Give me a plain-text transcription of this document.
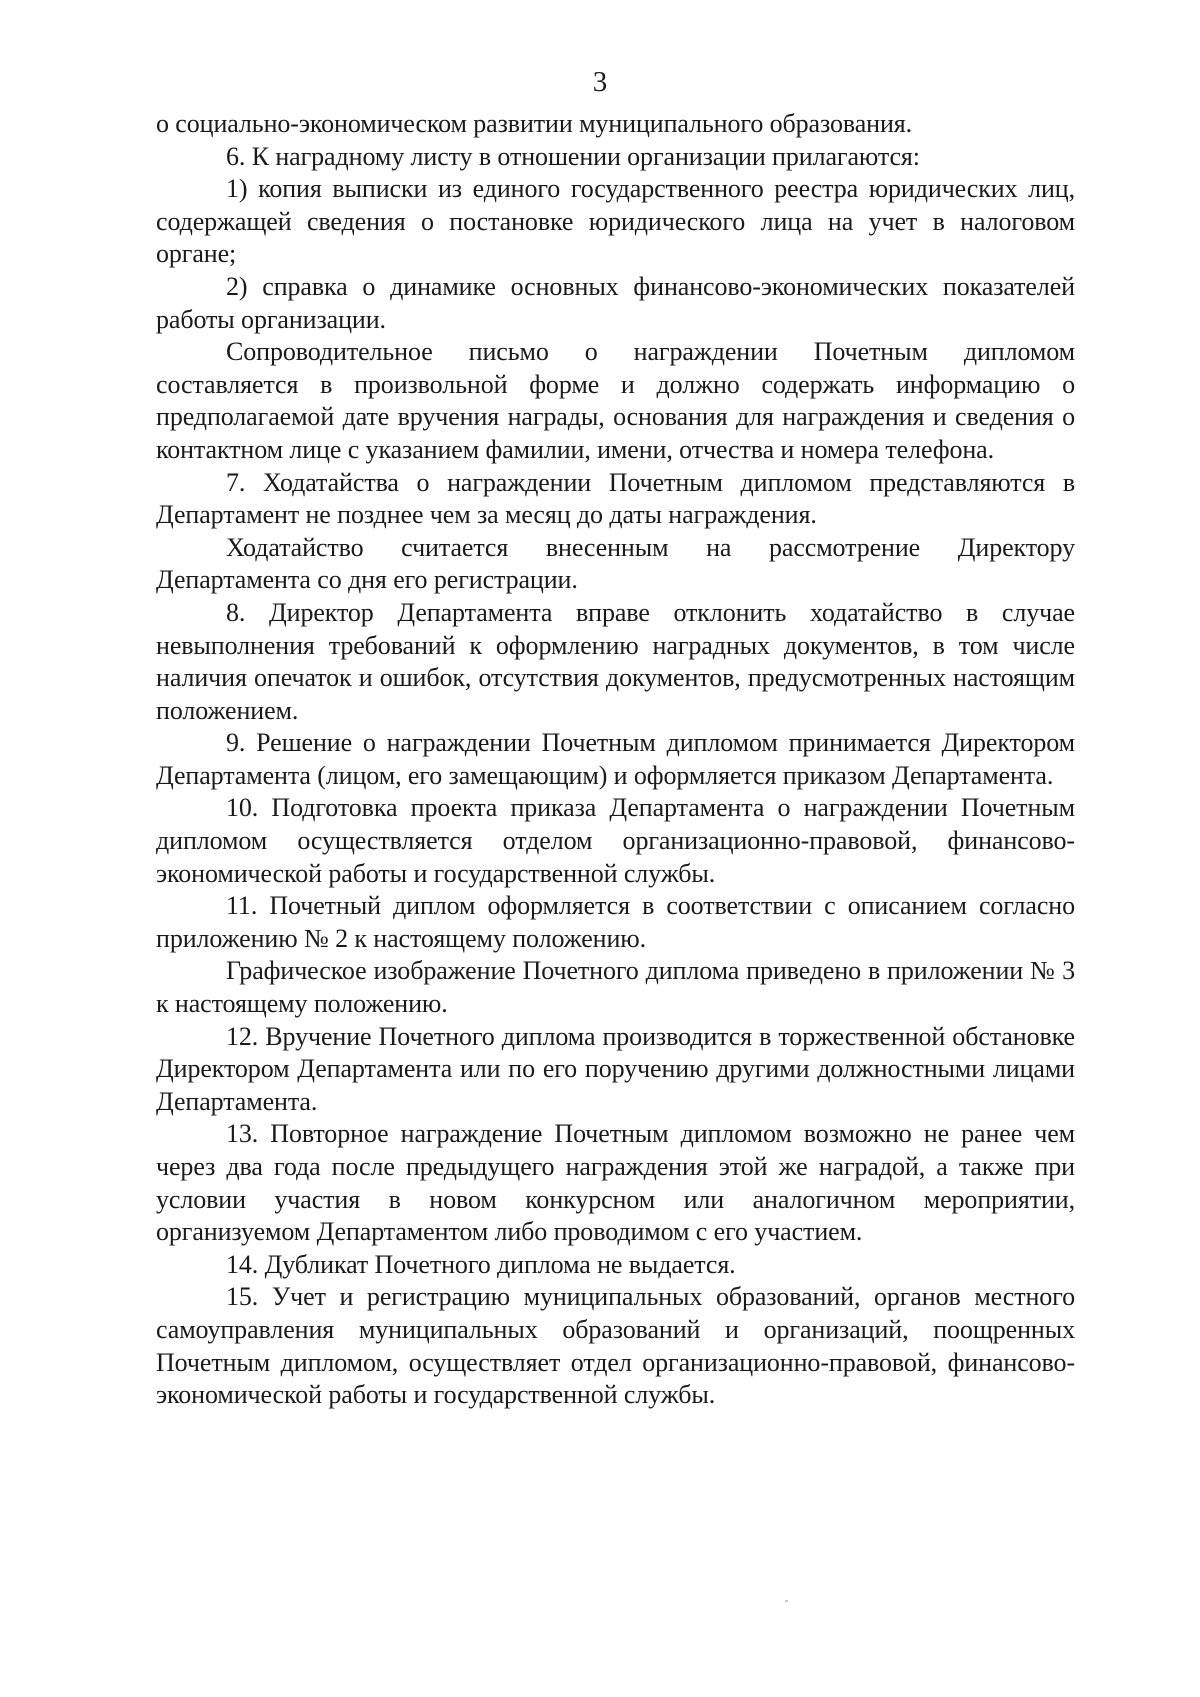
3

о социально-экономическом развитии муниципального образования.

6. К наградному листу в отношении организации прилагаются:

1) копия выписки из единого государственного реестра юридических лиц, содержащей сведения о постановке юридического лица на учет в налоговом органе;

2) справка о динамике основных финансово-экономических показателей работы организации.

Сопроводительное письмо о награждении Почетным дипломом составляется в произвольной форме и должно содержать информацию о предполагаемой дате вручения награды, основания для награждения и сведения о контактном лице с указанием фамилии, имени, отчества и номера телефона.

7. Ходатайства о награждении Почетным дипломом представляются в Департамент не позднее чем за месяц до даты награждения.

Ходатайство считается внесенным на рассмотрение Директору Департамента со дня его регистрации.

8. Директор Департамента вправе отклонить ходатайство в случае невыполнения требований к оформлению наградных документов, в том числе наличия опечаток и ошибок, отсутствия документов, предусмотренных настоящим положением.

9. Решение о награждении Почетным дипломом принимается Директором Департамента (лицом, его замещающим) и оформляется приказом Департамента.

10. Подготовка проекта приказа Департамента о награждении Почетным дипломом осуществляется отделом организационно-правовой, финансово-экономической работы и государственной службы.

11. Почетный диплом оформляется в соответствии с описанием согласно приложению № 2 к настоящему положению.

Графическое изображение Почетного диплома приведено в приложении № 3 к настоящему положению.

12. Вручение Почетного диплома производится в торжественной обстановке Директором Департамента или по его поручению другими должностными лицами Департамента.

13. Повторное награждение Почетным дипломом возможно не ранее чем через два года после предыдущего награждения этой же наградой, а также при условии участия в новом конкурсном или аналогичном мероприятии, организуемом Департаментом либо проводимом с его участием.

14. Дубликат Почетного диплома не выдается.

15. Учет и регистрацию муниципальных образований, органов местного самоуправления муниципальных образований и организаций, поощренных Почетным дипломом, осуществляет отдел организационно-правовой, финансово-экономической работы и государственной службы.
